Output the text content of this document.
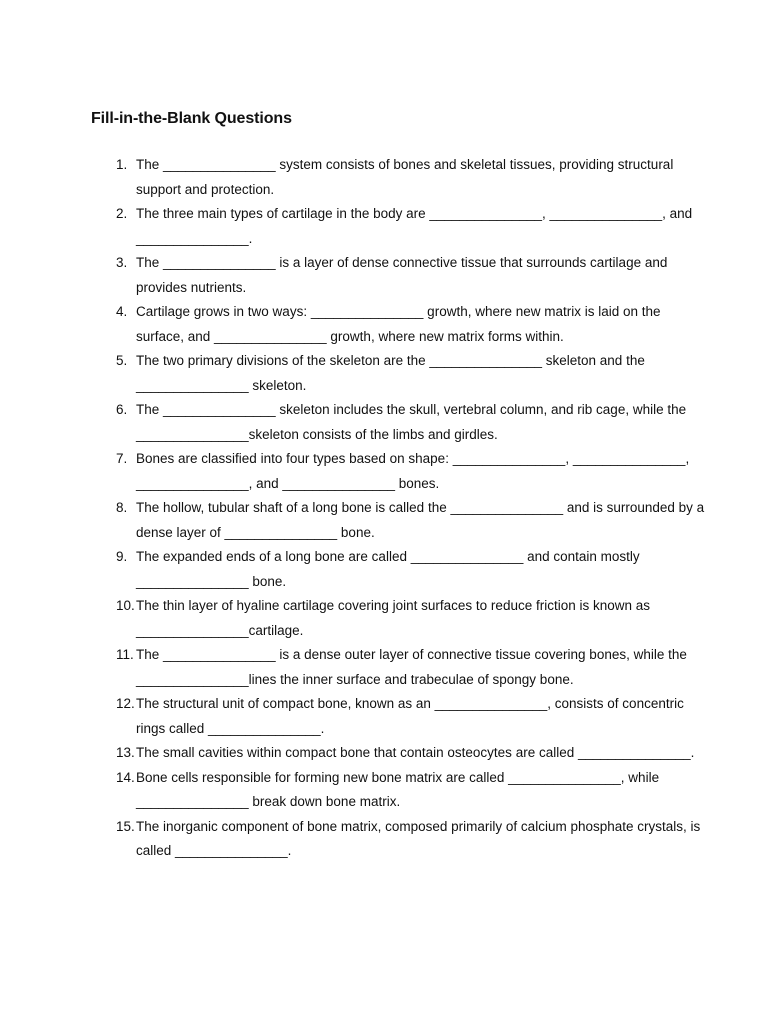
Fill-in-the-Blank Questions
1. The _______________ system consists of bones and skeletal tissues, providing structural support and protection.
2. The three main types of cartilage in the body are _______________, _______________, and _______________.
3. The _______________ is a layer of dense connective tissue that surrounds cartilage and provides nutrients.
4. Cartilage grows in two ways: _______________ growth, where new matrix is laid on the surface, and _______________ growth, where new matrix forms within.
5. The two primary divisions of the skeleton are the _______________ skeleton and the _______________ skeleton.
6. The _______________ skeleton includes the skull, vertebral column, and rib cage, while the _______________skeleton consists of the limbs and girdles.
7. Bones are classified into four types based on shape: _______________, _______________, _______________, and _______________ bones.
8. The hollow, tubular shaft of a long bone is called the _______________ and is surrounded by a dense layer of _______________ bone.
9. The expanded ends of a long bone are called _______________ and contain mostly _______________ bone.
10. The thin layer of hyaline cartilage covering joint surfaces to reduce friction is known as _______________cartilage.
11. The _______________ is a dense outer layer of connective tissue covering bones, while the _______________lines the inner surface and trabeculae of spongy bone.
12. The structural unit of compact bone, known as an _______________, consists of concentric rings called _______________.
13. The small cavities within compact bone that contain osteocytes are called _______________.
14. Bone cells responsible for forming new bone matrix are called _______________, while _______________ break down bone matrix.
15. The inorganic component of bone matrix, composed primarily of calcium phosphate crystals, is called _______________.
